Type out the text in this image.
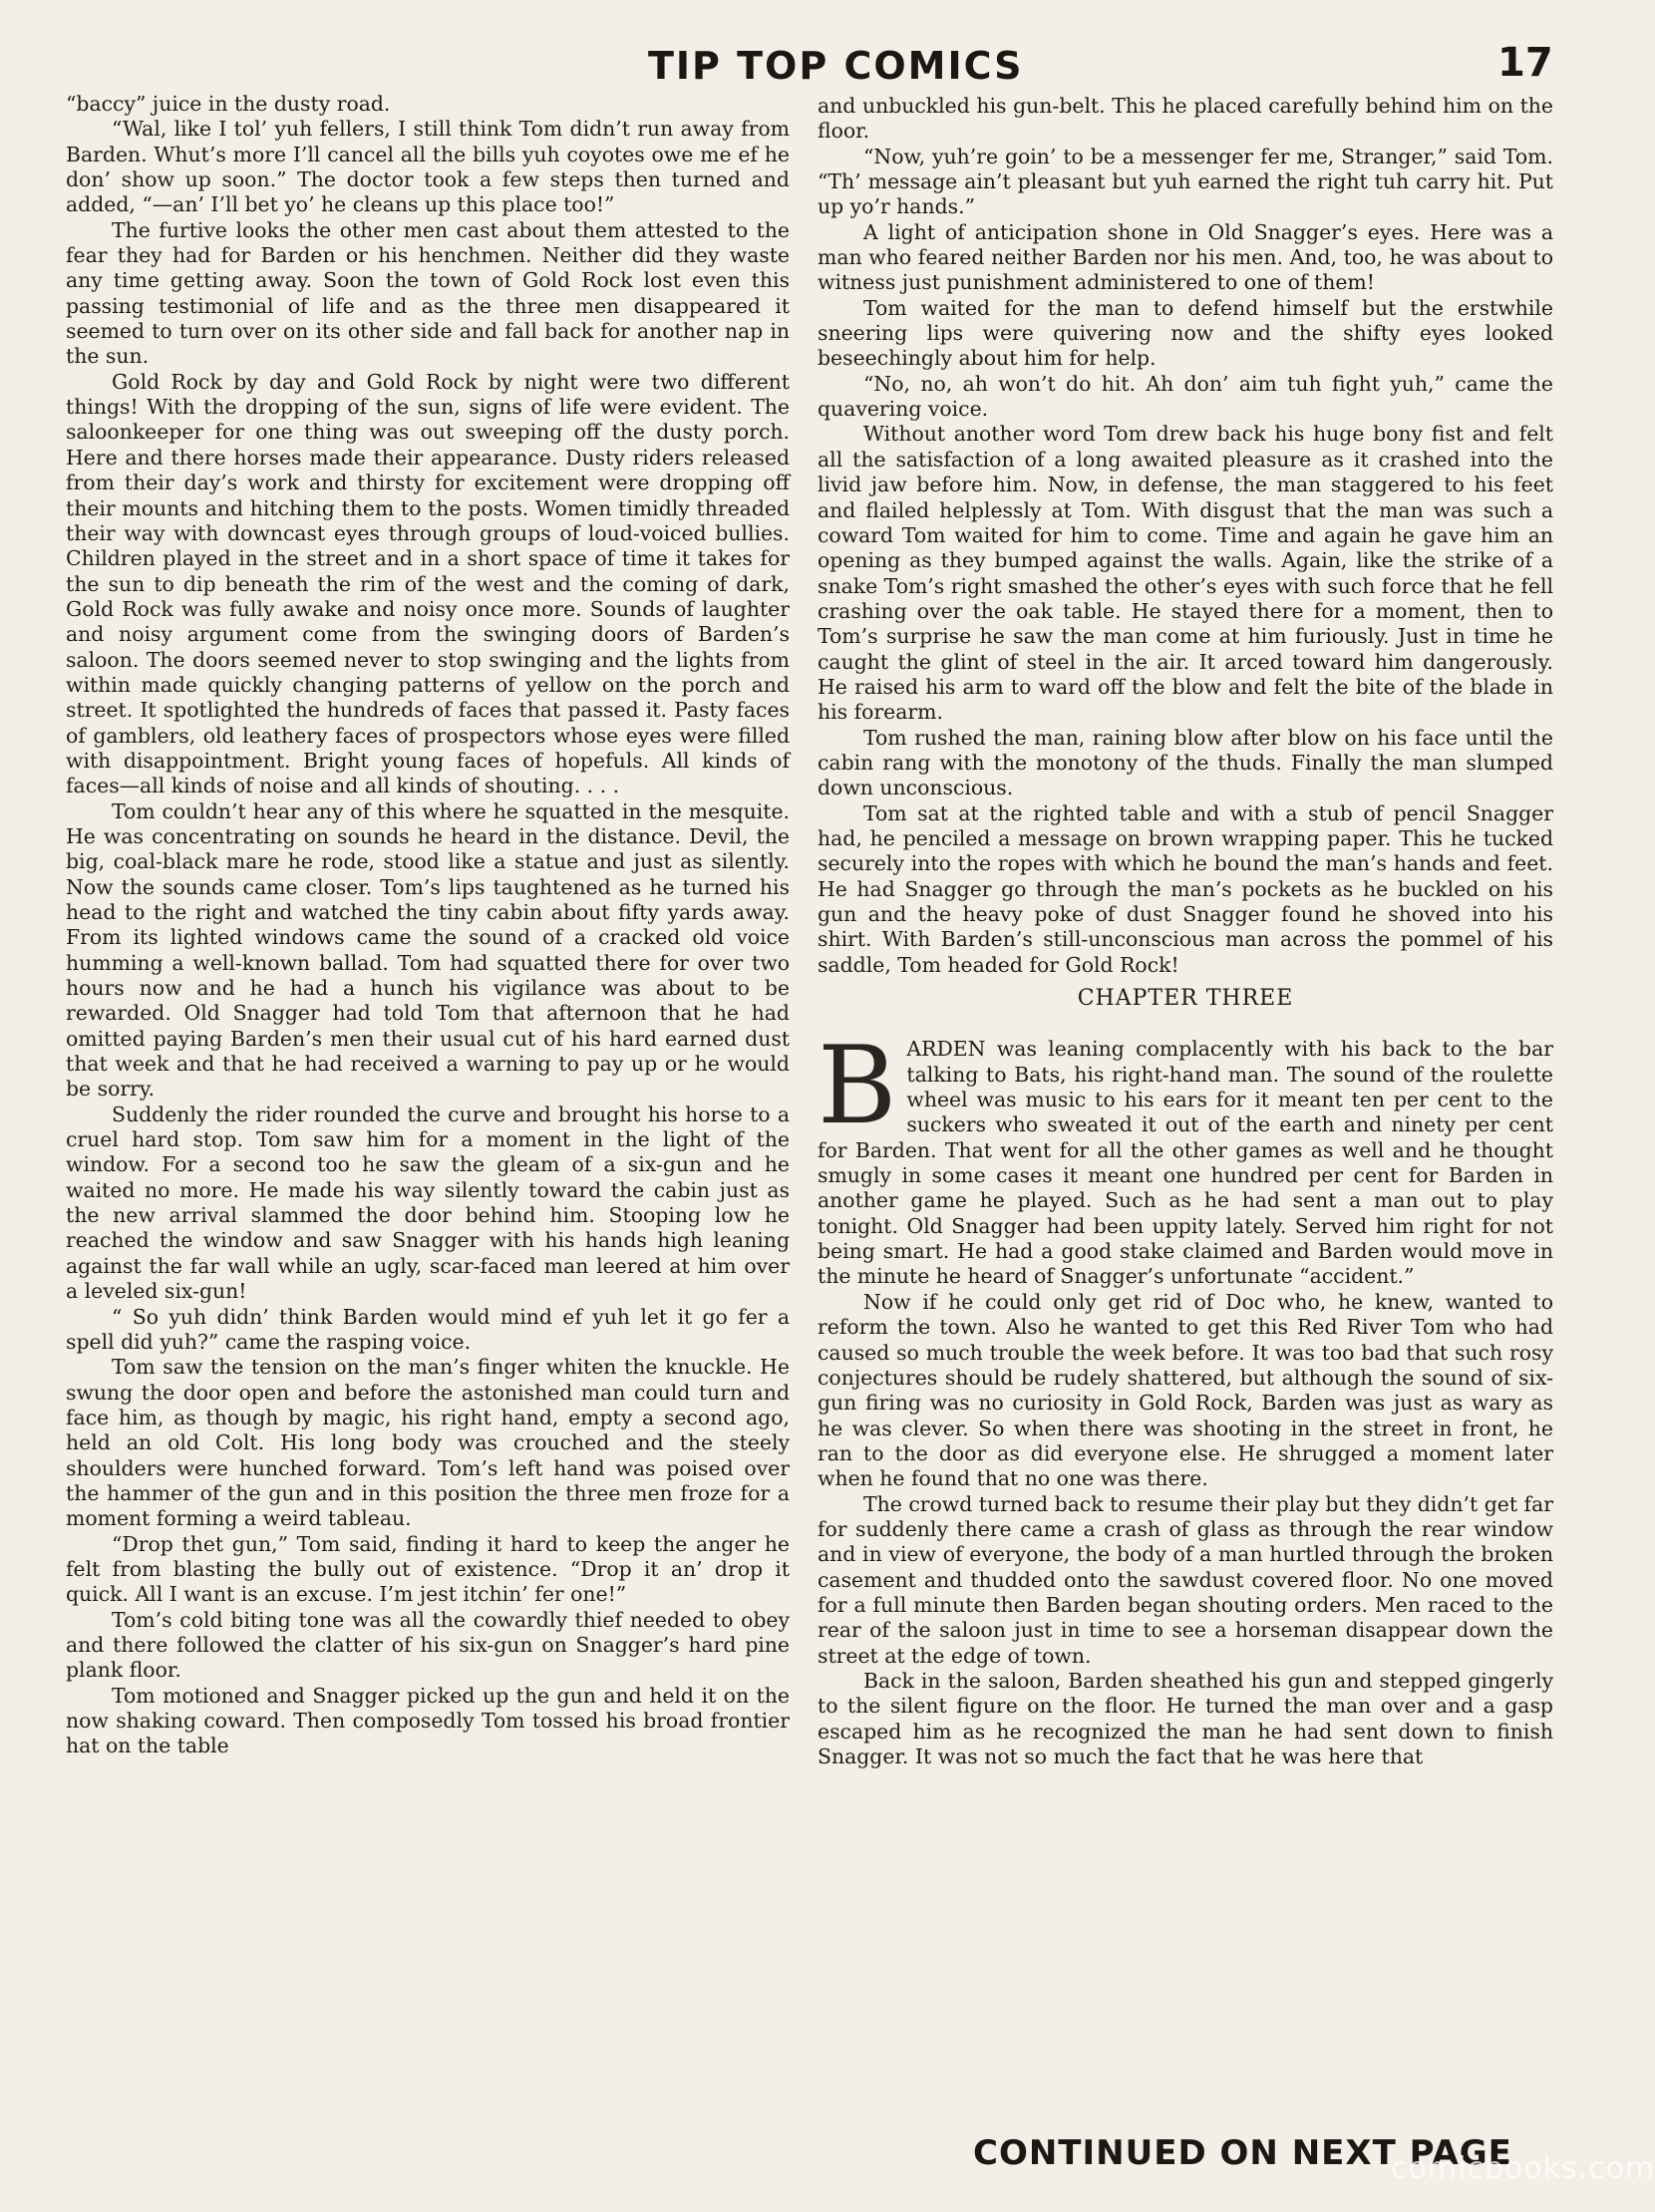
TIP TOP COMICS	17

“baccy” juice in the dusty road.

“Wal, like I tol’ yuh fellers, I still think Tom didn’t run away from Barden. Whut’s more I’ll cancel all the bills yuh coyotes owe me ef he don’ show up soon.” The doctor took a few steps then turned and added, “—an’ I’ll bet yo’ he cleans up this place too!”

The furtive looks the other men cast about them attested to the fear they had for Barden or his henchmen. Neither did they waste any time getting away. Soon the town of Gold Rock lost even this passing testimonial of life and as the three men disappeared it seemed to turn over on its other side and fall back for another nap in the sun.

Gold Rock by day and Gold Rock by night were two different things! With the dropping of the sun, signs of life were evident. The saloonkeeper for one thing was out sweeping off the dusty porch. Here and there horses made their appearance. Dusty riders released from their day’s work and thirsty for excitement were dropping off their mounts and hitching them to the posts. Women timidly threaded their way with downcast eyes through groups of loud-voiced bullies. Children played in the street and in a short space of time it takes for the sun to dip beneath the rim of the west and the coming of dark, Gold Rock was fully awake and noisy once more. Sounds of laughter and noisy argument come from the swinging doors of Barden’s saloon. The doors seemed never to stop swinging and the lights from within made quickly changing patterns of yellow on the porch and street. It spotlighted the hundreds of faces that passed it. Pasty faces of gamblers, old leathery faces of prospectors whose eyes were filled with disappointment. Bright young faces of hopefuls. All kinds of faces—all kinds of noise and all kinds of shouting. . . .

Tom couldn’t hear any of this where he squatted in the mesquite. He was concentrating on sounds he heard in the distance. Devil, the big, coal-black mare he rode, stood like a statue and just as silently. Now the sounds came closer. Tom’s lips taughtened as he turned his head to the right and watched the tiny cabin about fifty yards away. From its lighted windows came the sound of a cracked old voice humming a well-known ballad. Tom had squatted there for over two hours now and he had a hunch his vigilance was about to be rewarded. Old Snagger had told Tom that afternoon that he had omitted paying Barden’s men their usual cut of his hard earned dust that week and that he had received a warning to pay up or he would be sorry.

Suddenly the rider rounded the curve and brought his horse to a cruel hard stop. Tom saw him for a moment in the light of the window. For a second too he saw the gleam of a six-gun and he waited no more. He made his way silently toward the cabin just as the new arrival slammed the door behind him. Stooping low he reached the window and saw Snagger with his hands high leaning against the far wall while an ugly, scar-faced man leered at him over a leveled six-gun!

“ So yuh didn’ think Barden would mind ef yuh let it go fer a spell did yuh?” came the rasping voice.

Tom saw the tension on the man’s finger whiten the knuckle. He swung the door open and before the astonished man could turn and face him, as though by magic, his right hand, empty a second ago, held an old Colt. His long body was crouched and the steely shoulders were hunched forward. Tom’s left hand was poised over the hammer of the gun and in this position the three men froze for a moment forming a weird tableau.

“Drop thet gun,” Tom said, finding it hard to keep the anger he felt from blasting the bully out of existence. “Drop it an’ drop it quick. All I want is an excuse. I’m jest itchin’ fer one!”

Tom’s cold biting tone was all the cowardly thief needed to obey and there followed the clatter of his six-gun on Snagger’s hard pine plank floor.

Tom motioned and Snagger picked up the gun and held it on the now shaking coward. Then composedly Tom tossed his broad frontier hat on the table

and unbuckled his gun-belt. This he placed carefully behind him on the floor.

“Now, yuh’re goin’ to be a messenger fer me, Stranger,” said Tom. “Th’ message ain’t pleasant but yuh earned the right tuh carry hit. Put up yo’r hands.”

A light of anticipation shone in Old Snagger’s eyes. Here was a man who feared neither Barden nor his men. And, too, he was about to witness just punishment administered to one of them!

Tom waited for the man to defend himself but the erstwhile sneering lips were quivering now and the shifty eyes looked beseechingly about him for help.

“No, no, ah won’t do hit. Ah don’ aim tuh fight yuh,” came the quavering voice.

Without another word Tom drew back his huge bony fist and felt all the satisfaction of a long awaited pleasure as it crashed into the livid jaw before him. Now, in defense, the man staggered to his feet and flailed helplessly at Tom. With disgust that the man was such a coward Tom waited for him to come. Time and again he gave him an opening as they bumped against the walls. Again, like the strike of a snake Tom’s right smashed the other’s eyes with such force that he fell crashing over the oak table. He stayed there for a moment, then to Tom’s surprise he saw the man come at him furiously. Just in time he caught the glint of steel in the air. It arced toward him dangerously. He raised his arm to ward off the blow and felt the bite of the blade in his forearm.

Tom rushed the man, raining blow after blow on his face until the cabin rang with the monotony of the thuds. Finally the man slumped down unconscious.

Tom sat at the righted table and with a stub of pencil Snagger had, he penciled a message on brown wrapping paper. This he tucked securely into the ropes with which he bound the man’s hands and feet. He had Snagger go through the man’s pockets as he buckled on his gun and the heavy poke of dust Snagger found he shoved into his shirt. With Barden’s still-unconscious man across the pommel of his saddle, Tom headed for Gold Rock!

CHAPTER THREE

BARDEN was leaning complacently with his back to the bar talking to Bats, his right-hand man. The sound of the roulette wheel was music to his ears for it meant ten per cent to the suckers who sweated it out of the earth and ninety per cent for Barden. That went for all the other games as well and he thought smugly in some cases it meant one hundred per cent for Barden in another game he played. Such as he had sent a man out to play tonight. Old Snagger had been uppity lately. Served him right for not being smart. He had a good stake claimed and Barden would move in the minute he heard of Snagger’s unfortunate “accident.”

Now if he could only get rid of Doc who, he knew, wanted to reform the town. Also he wanted to get this Red River Tom who had caused so much trouble the week before. It was too bad that such rosy conjectures should be rudely shattered, but although the sound of six-gun firing was no curiosity in Gold Rock, Barden was just as wary as he was clever. So when there was shooting in the street in front, he ran to the door as did everyone else. He shrugged a moment later when he found that no one was there.

The crowd turned back to resume their play but they didn’t get far for suddenly there came a crash of glass as through the rear window and in view of everyone, the body of a man hurtled through the broken casement and thudded onto the sawdust covered floor. No one moved for a full minute then Barden began shouting orders. Men raced to the rear of the saloon just in time to see a horseman disappear down the street at the edge of town.

Back in the saloon, Barden sheathed his gun and stepped gingerly to the silent figure on the floor. He turned the man over and a gasp escaped him as he recognized the man he had sent down to finish Snagger. It was not so much the fact that he was here that

CONTINUED ON NEXT PAGE
comicbooks.com
